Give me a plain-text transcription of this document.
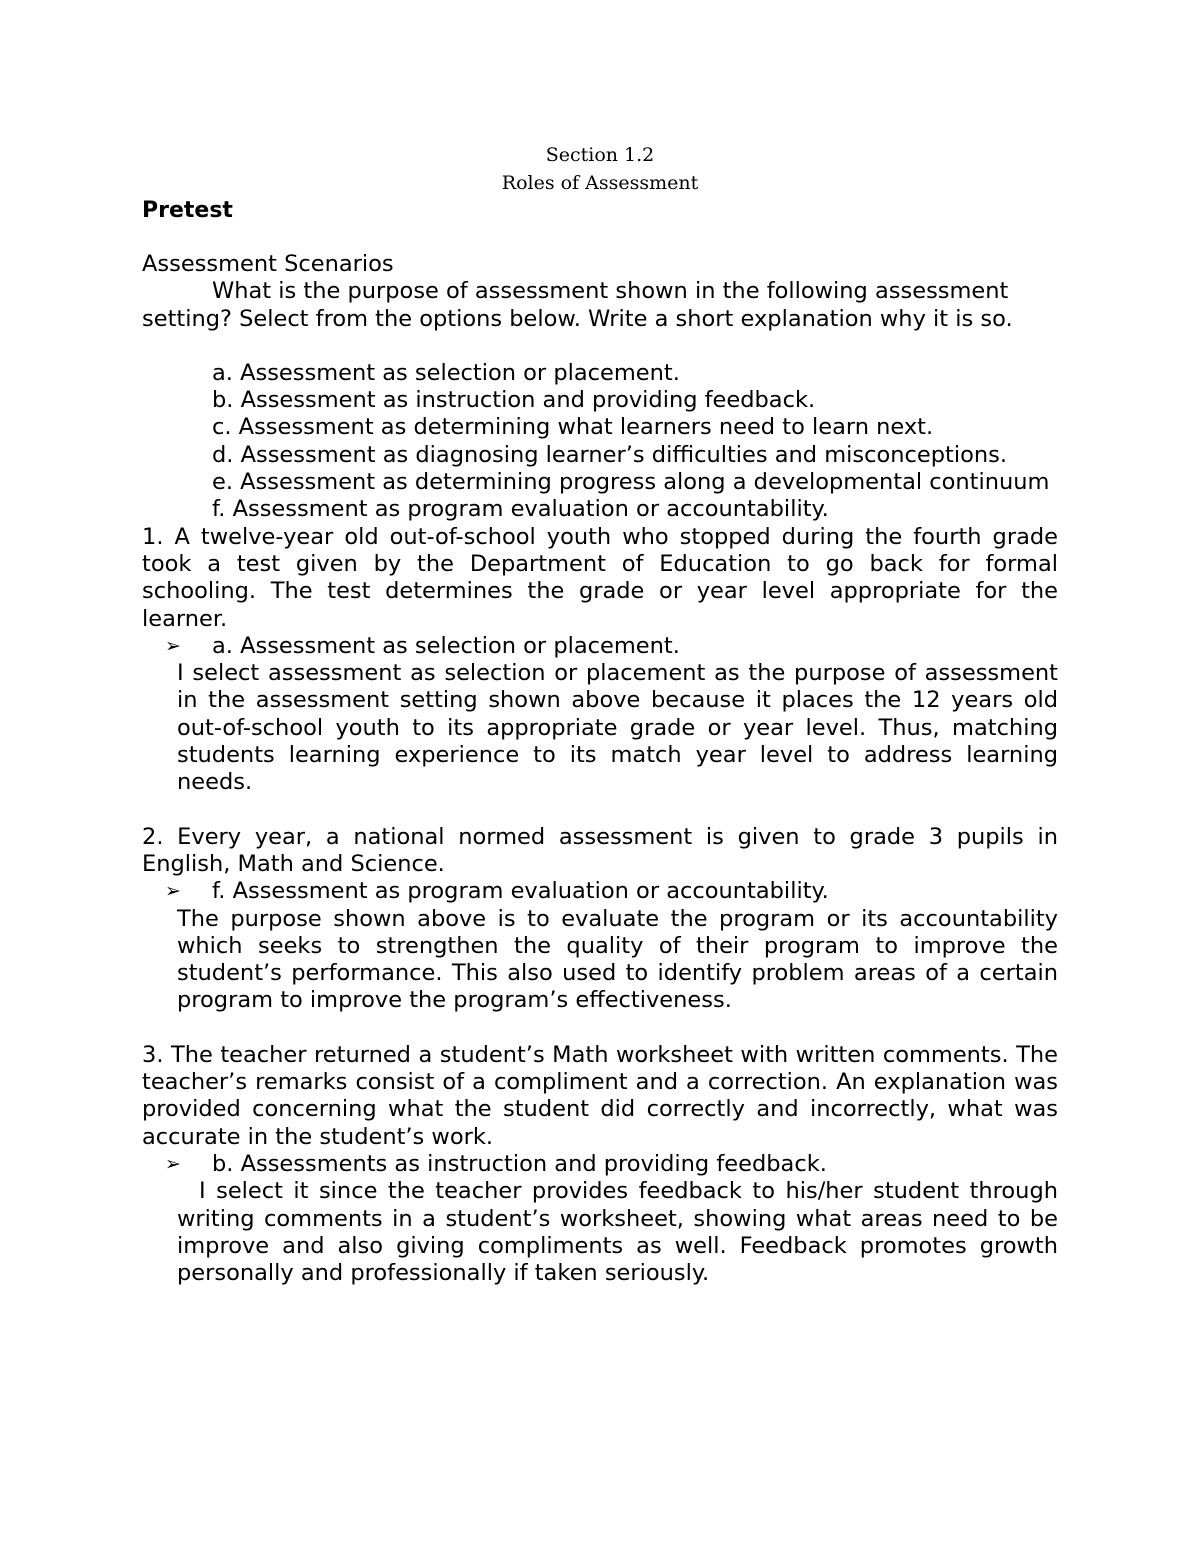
Section 1.2
Roles of Assessment
Pretest
Assessment Scenarios
What is the purpose of assessment shown in the following assessment setting? Select from the options below. Write a short explanation why it is so.
a. Assessment as selection or placement.
b. Assessment as instruction and providing feedback.
c. Assessment as determining what learners need to learn next.
d. Assessment as diagnosing learner’s difficulties and misconceptions.
e. Assessment as determining progress along a developmental continuum
f. Assessment as program evaluation or accountability.
1. A twelve-year old out-of-school youth who stopped during the fourth grade took a test given by the Department of Education to go back for formal schooling. The test determines the grade or year level appropriate for the learner.
➢ a. Assessment as selection or placement.
I select assessment as selection or placement as the purpose of assessment in the assessment setting shown above because it places the 12 years old out-of-school youth to its appropriate grade or year level. Thus, matching students learning experience to its match year level to address learning needs.
2. Every year, a national normed assessment is given to grade 3 pupils in English, Math and Science.
➢ f. Assessment as program evaluation or accountability.
The purpose shown above is to evaluate the program or its accountability which seeks to strengthen the quality of their program to improve the student’s performance. This also used to identify problem areas of a certain program to improve the program’s effectiveness.
3. The teacher returned a student’s Math worksheet with written comments. The teacher’s remarks consist of a compliment and a correction. An explanation was provided concerning what the student did correctly and incorrectly, what was accurate in the student’s work.
➢ b. Assessments as instruction and providing feedback.
I select it since the teacher provides feedback to his/her student through writing comments in a student’s worksheet, showing what areas need to be improve and also giving compliments as well. Feedback promotes growth personally and professionally if taken seriously.
